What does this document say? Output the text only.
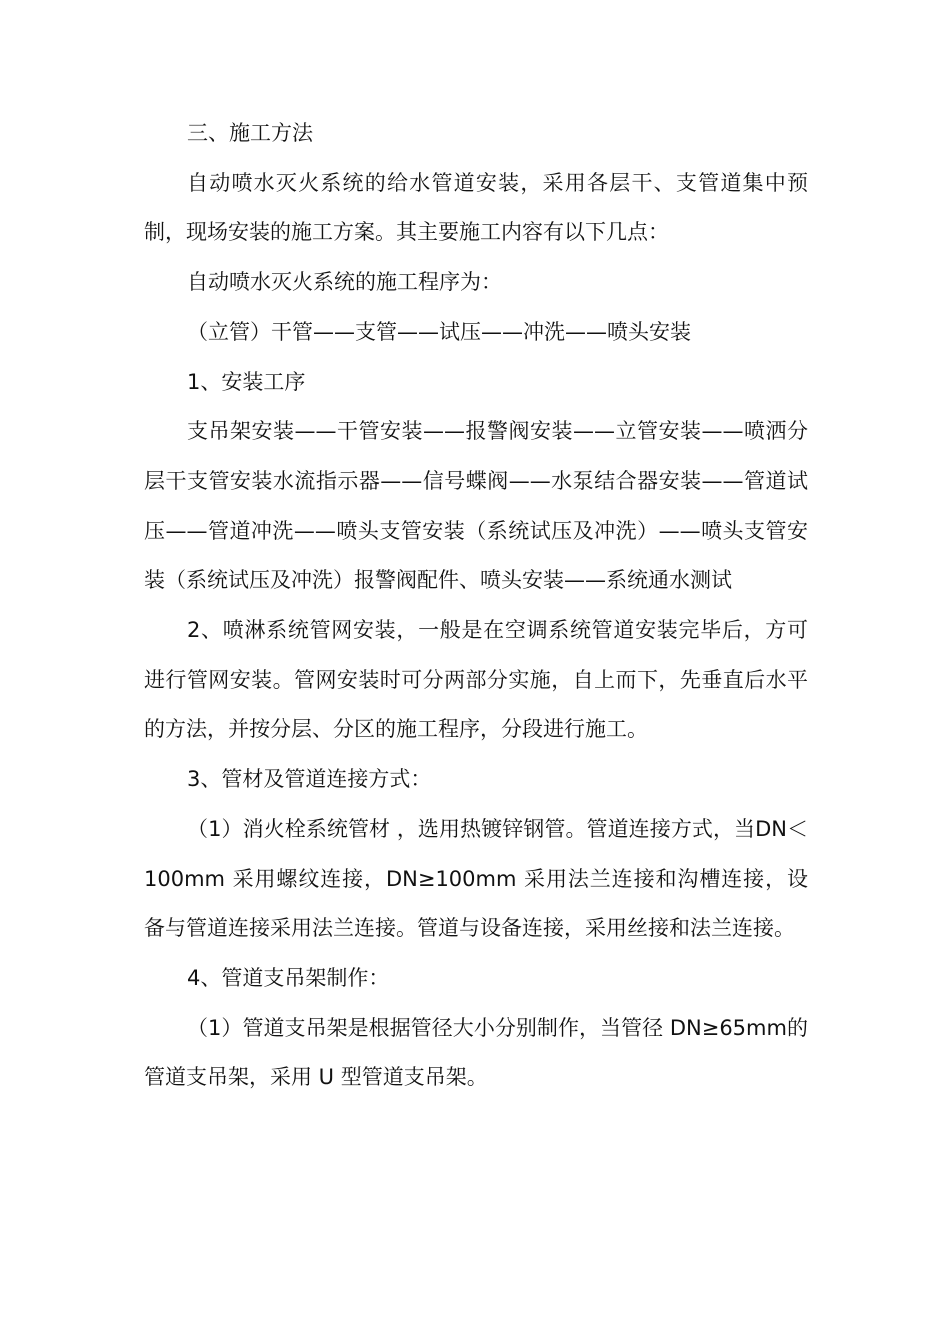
三、施工方法

自动喷水灭火系统的给水管道安装，采用各层干、支管道集中预制，现场安装的施工方案。其主要施工内容有以下几点：

自动喷水灭火系统的施工程序为：

（立管）干管——支管——试压——冲洗——喷头安装

1、安装工序

支吊架安装——干管安装——报警阀安装——立管安装——喷洒分层干支管安装水流指示器——信号蝶阀——水泵结合器安装——管道试压——管道冲洗——喷头支管安装（系统试压及冲洗）——喷头支管安装（系统试压及冲洗）报警阀配件、喷头安装——系统通水测试

2、喷淋系统管网安装，一般是在空调系统管道安装完毕后，方可进行管网安装。管网安装时可分两部分实施，自上而下，先垂直后水平的方法，并按分层、分区的施工程序，分段进行施工。

3、管材及管道连接方式：

（1）消火栓系统管材 ，选用热镀锌钢管。管道连接方式，当DN＜100mm 采用螺纹连接，DN≥100mm 采用法兰连接和沟槽连接，设备与管道连接采用法兰连接。管道与设备连接，采用丝接和法兰连接。

4、管道支吊架制作：

（1）管道支吊架是根据管径大小分别制作，当管径 DN≥65mm的管道支吊架，采用 U 型管道支吊架。
